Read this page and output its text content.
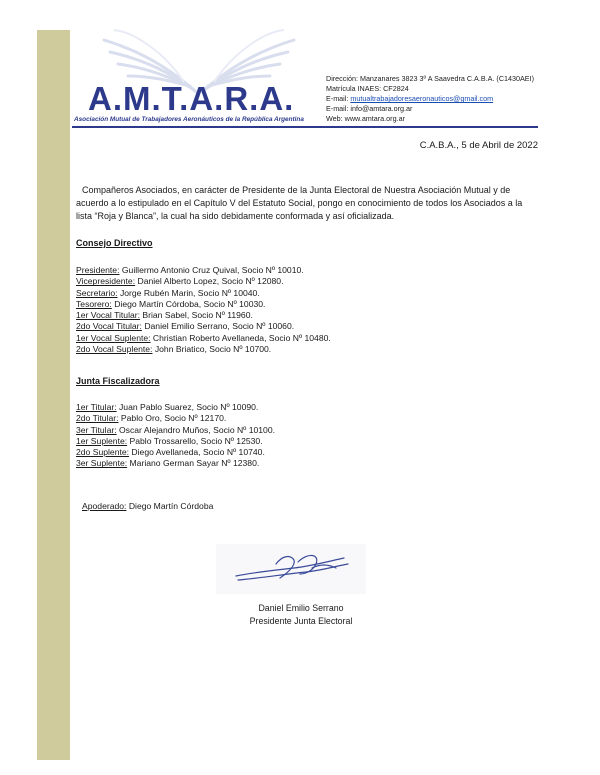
A.M.T.A.R.A.
Asociación Mutual de Trabajadores Aeronáuticos de la República Argentina
Dirección: Manzanares 3823 3º A Saavedra C.A.B.A. (C1430AEI)
Matrícula INAES: CF2824
E-mail: mutualtrabajadoresaeronauticos@gmail.com
E-mail: info@amtara.org.ar
Web: www.amtara.org.ar
C.A.B.A., 5 de Abril de 2022
Compañeros Asociados, en carácter de Presidente de la Junta Electoral de Nuestra Asociación Mutual y de acuerdo a lo estipulado en el Capítulo V del Estatuto Social, pongo en conocimiento de todos los Asociados a la lista “Roja y Blanca”, la cual ha sido debidamente conformada y así oficializada.
Consejo Directivo
Presidente: Guillermo Antonio Cruz Quival, Socio Nº 10010.
Vicepresidente: Daniel Alberto Lopez, Socio Nº 12080.
Secretario: Jorge Rubén Marin, Socio Nº 10040.
Tesorero: Diego Martín Córdoba, Socio Nº 10030.
1er Vocal Titular: Brian Sabel, Socio Nº 11960.
2do Vocal Titular: Daniel Emilio Serrano, Socio Nº 10060.
1er Vocal Suplente: Christian Roberto Avellaneda, Socio Nº 10480.
2do Vocal Suplente: John Briatico, Socio Nº 10700.
Junta Fiscalizadora
1er Titular: Juan Pablo Suarez, Socio Nº 10090.
2do Titular: Pablo Oro, Socio Nº 12170.
3er Titular: Oscar Alejandro Muños, Socio Nº 10100.
1er Suplente: Pablo Trossarello, Socio Nº 12530.
2do Suplente: Diego Avellaneda, Socio Nº 10740.
3er Suplente: Mariano German Sayar Nº 12380.
Apoderado: Diego Martín Córdoba
Daniel Emilio Serrano
Presidente Junta Electoral
